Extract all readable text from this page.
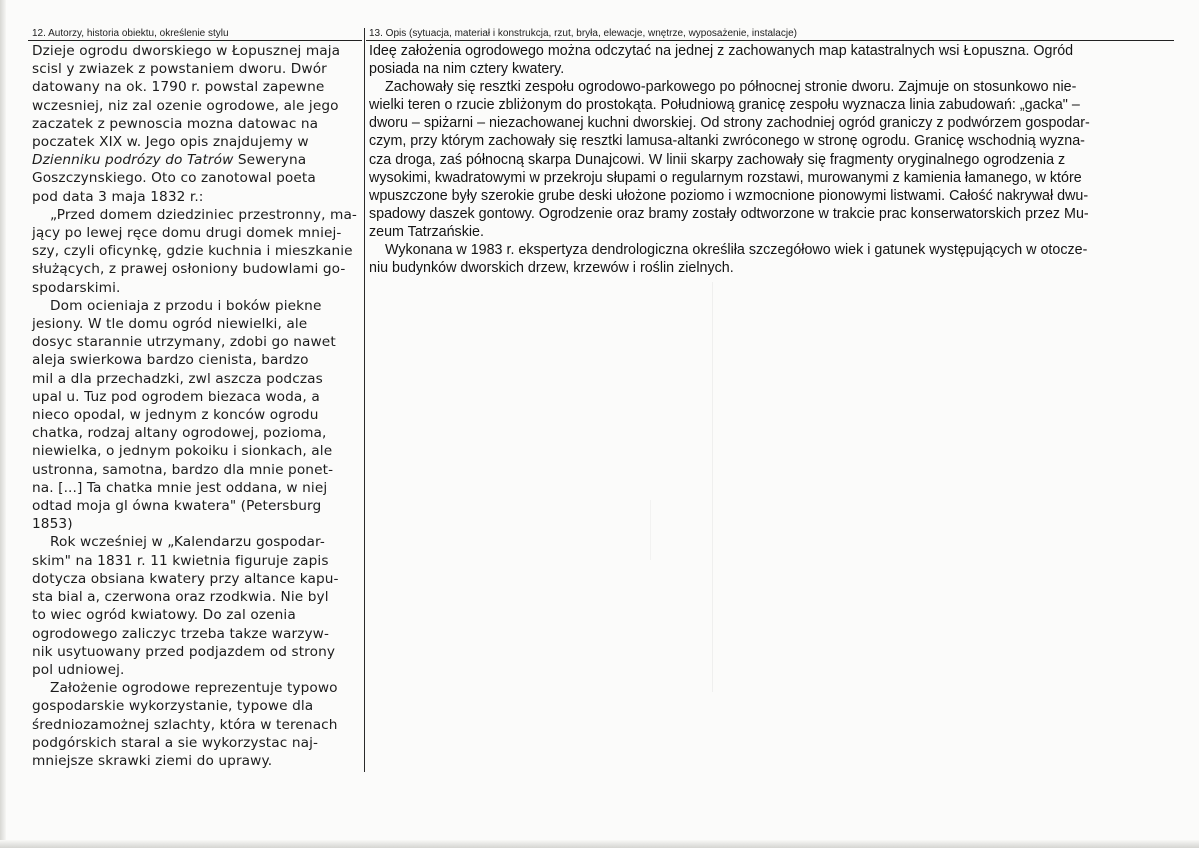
12. Autorzy, historia obiektu, określenie stylu
Dzieje ogrodu dworskiego w Łopusznej maja
scisl y zwiazek z powstaniem dworu. Dwór
datowany na ok. 1790 r. powstal zapewne
wczesniej, niz zal ozenie ogrodowe, ale jego
zaczatek z pewnoscia mozna datowac na
poczatek XIX w. Jego opis znajdujemy w
Dzienniku podrózy do Tatrów Seweryna
Goszczynskiego. Oto co zanotowal poeta
pod data 3 maja 1832 r.:
„Przed domem dziedziniec przestronny, ma-
jący po lewej ręce domu drugi domek mniej-
szy, czyli oficynkę, gdzie kuchnia i mieszkanie
służących, z prawej osłoniony budowlami go-
spodarskimi.
Dom ocieniaja z przodu i boków piekne
jesiony. W tle domu ogród niewielki, ale
dosyc starannie utrzymany, zdobi go nawet
aleja swierkowa bardzo cienista, bardzo
mil a dla przechadzki, zwl aszcza podczas
upal u. Tuz pod ogrodem biezaca woda, a
nieco opodal, w jednym z konców ogrodu
chatka, rodzaj altany ogrodowej, pozioma,
niewielka, o jednym pokoiku i sionkach, ale
ustronna, samotna, bardzo dla mnie ponet-
na. [...] Ta chatka mnie jest oddana, w niej
odtad moja gl ówna kwatera" (Petersburg
1853)
Rok wcześniej w „Kalendarzu gospodar-
skim" na 1831 r. 11 kwietnia figuruje zapis
dotycza obsiana kwatery przy altance kapu-
sta bial a, czerwona oraz rzodkwia. Nie byl
to wiec ogród kwiatowy. Do zal ozenia
ogrodowego zaliczyc trzeba takze warzyw-
nik usytuowany przed podjazdem od strony
pol udniowej.
Założenie ogrodowe reprezentuje typowo
gospodarskie wykorzystanie, typowe dla
średniozamożnej szlachty, która w terenach
podgórskich staral a sie wykorzystac naj-
mniejsze skrawki ziemi do uprawy.
13. Opis (sytuacja, materiał i konstrukcja, rzut, bryła, elewacje, wnętrze, wyposażenie, instalacje)
Ideę założenia ogrodowego można odczytać na jednej z zachowanych map katastralnych wsi Łopuszna. Ogród
posiada na nim cztery kwatery.
Zachowały się resztki zespołu ogrodowo-parkowego po północnej stronie dworu. Zajmuje on stosunkowo nie-
wielki teren o rzucie zbliżonym do prostokąta. Południową granicę zespołu wyznacza linia zabudowań: „gacka" –
dworu – spiżarni – niezachowanej kuchni dworskiej. Od strony zachodniej ogród graniczy z podwórzem gospodar-
czym, przy którym zachowały się resztki lamusa-altanki zwróconego w stronę ogrodu. Granicę wschodnią wyzna-
cza droga, zaś północną skarpa Dunajcowi. W linii skarpy zachowały się fragmenty oryginalnego ogrodzenia z
wysokimi, kwadratowymi w przekroju słupami o regularnym rozstawi, murowanymi z kamienia łamanego, w które
wpuszczone były szerokie grube deski ułożone poziomo i wzmocnione pionowymi listwami. Całość nakrywał dwu-
spadowy daszek gontowy. Ogrodzenie oraz bramy zostały odtworzone w trakcie prac konserwatorskich przez Mu-
zeum Tatrzańskie.
Wykonana w 1983 r. ekspertyza dendrologiczna określiła szczegółowo wiek i gatunek występujących w otocze-
niu budynków dworskich drzew, krzewów i roślin zielnych.
